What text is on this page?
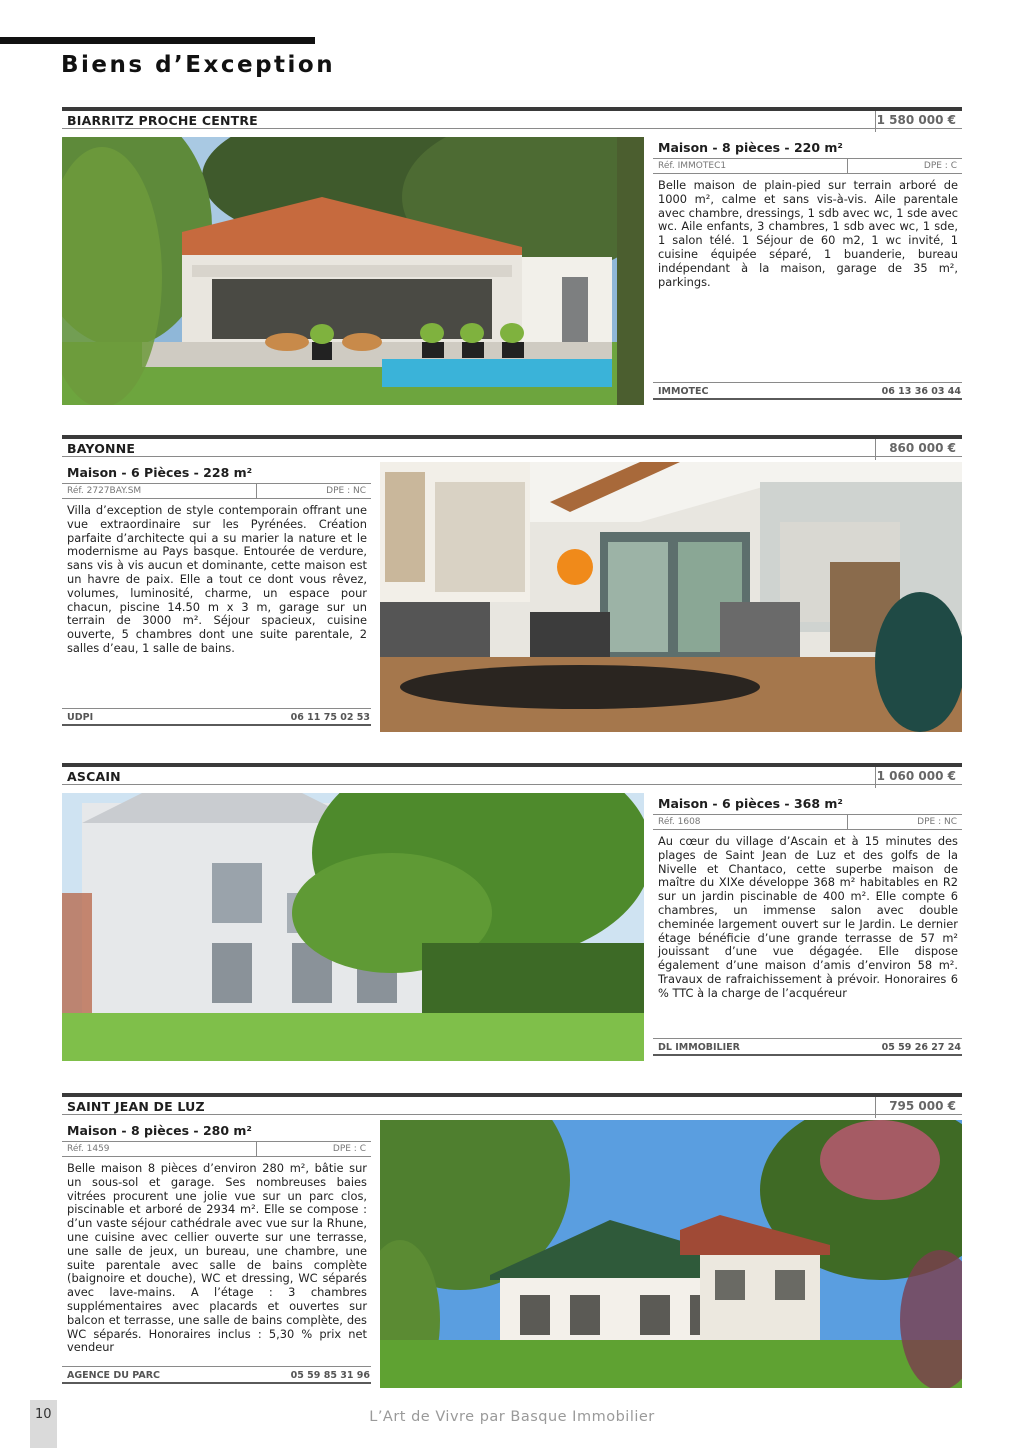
Biens d’Exception
BIARRITZ PROCHE CENTRE	1 580 000 €
Maison - 8 pièces - 220 m²
Réf. IMMOTEC1	DPE : C

Belle maison de plain-pied sur terrain arboré de 1000 m², calme et sans vis-à-vis. Aile parentale avec chambre, dressings, 1 sdb avec wc, 1 sde avec wc. Aile enfants, 3 chambres, 1 sdb avec wc, 1 sde, 1 salon télé. 1 Séjour de 60 m2, 1 wc invité, 1 cuisine équipée séparé, 1 buanderie, bureau indépendant à la maison, garage de 35 m², parkings.

IMMOTEC	06 13 36 03 44
BAYONNE	860 000 €
Maison - 6 Pièces - 228 m²
Réf. 2727BAY.SM	DPE : NC

Villa d’exception de style contemporain offrant une vue extraordinaire sur les Pyrénées. Création parfaite d’architecte qui a su marier la nature et le modernisme au Pays basque. Entourée de verdure, sans vis à vis aucun et dominante, cette maison est un havre de paix. Elle a tout ce dont vous rêvez, volumes, luminosité, charme, un espace pour chacun, piscine 14.50 m x 3 m, garage sur un terrain de 3000 m². Séjour spacieux, cuisine ouverte, 5 chambres dont une suite parentale, 2 salles d’eau, 1 salle de bains.

UDPI	06 11 75 02 53
ASCAIN	1 060 000 €
Maison - 6 pièces - 368 m²
Réf. 1608	DPE : NC

Au cœur du village d’Ascain et à 15 minutes des plages de Saint Jean de Luz et des golfs de la Nivelle et Chantaco, cette superbe maison de maître du XIXe développe 368 m² habitables en R2 sur un jardin piscinable de 400 m². Elle compte 6 chambres, un immense salon avec double cheminée largement ouvert sur le Jardin. Le dernier étage bénéficie d’une grande terrasse de 57 m² jouissant d’une vue dégagée. Elle dispose également d’une maison d’amis d’environ 58 m². Travaux de rafraichissement à prévoir. Honoraires 6 % TTC à la charge de l’acquéreur

DL IMMOBILIER	05 59 26 27 24
SAINT JEAN DE LUZ	795 000 €
Maison - 8 pièces - 280 m²
Réf. 1459	DPE : C

Belle maison 8 pièces d’environ 280 m², bâtie sur un sous-sol et garage. Ses nombreuses baies vitrées procurent une jolie vue sur un parc clos, piscinable et arboré de 2934 m². Elle se compose : d’un vaste séjour cathédrale avec vue sur la Rhune, une cuisine avec cellier ouverte sur une terrasse, une salle de jeux, un bureau, une chambre, une suite parentale avec salle de bains complète (baignoire et douche), WC et dressing, WC séparés avec lave-mains. A l’étage : 3 chambres supplémentaires avec placards et ouvertes sur balcon et terrasse, une salle de bains complète, des WC séparés. Honoraires inclus : 5,30 % prix net vendeur

AGENCE DU PARC	05 59 85 31 96
10	L’Art de Vivre par Basque Immobilier
